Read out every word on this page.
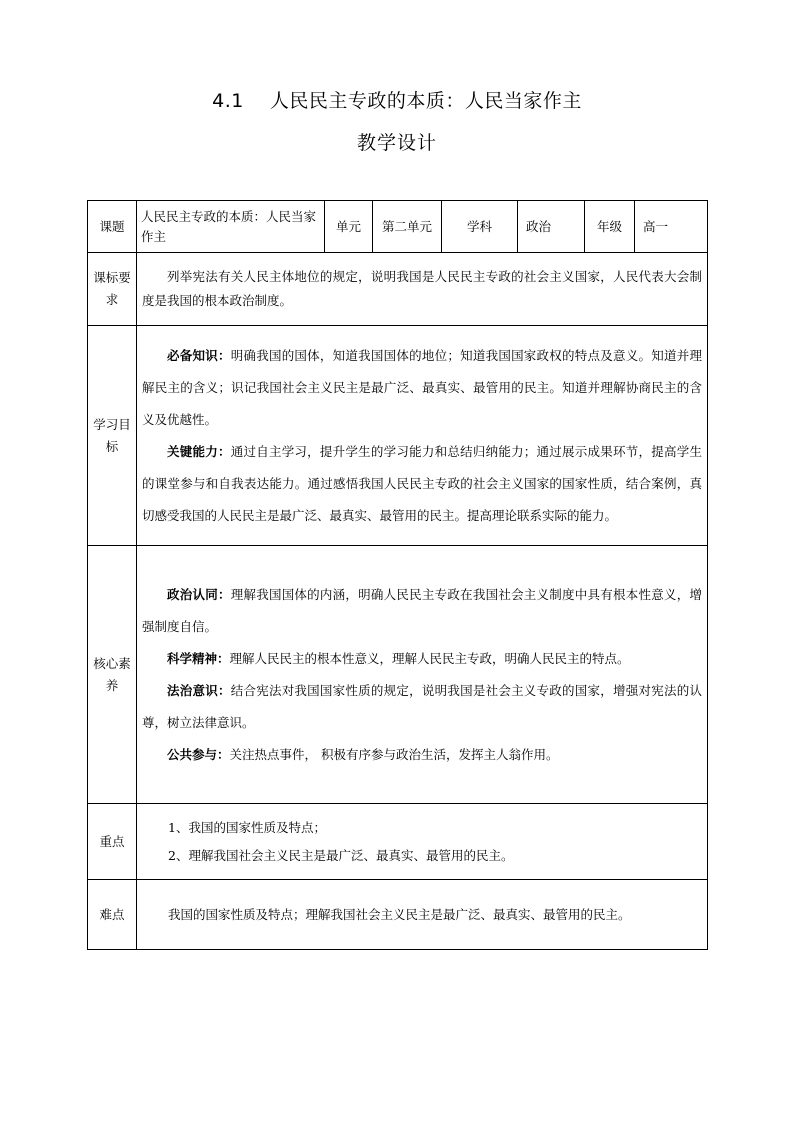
4.1 人民民主专政的本质：人民当家作主
教学设计
课题	人民民主专政的本质：人民当家作主	单元	第二单元	学科	政治	年级	高一
课标要求	列举宪法有关人民主体地位的规定，说明我国是人民民主专政的社会主义国家，人民代表大会制度是我国的根本政治制度。						

学习目标	必备知识：明确我国的国体，知道我国国体的地位；知道我国国家政权的特点及意义。知道并理解民主的含义；识记我国社会主义民主是最广泛、最真实、最管用的民主。知道并理解协商民主的含义及优越性。

关键能力：通过自主学习，提升学生的学习能力和总结归纳能力；通过展示成果环节，提高学生的课堂参与和自我表达能力。通过感悟我国人民民主专政的社会主义国家的国家性质，结合案例，真切感受我国的人民民主是最广泛、最真实、最管用的民主。提高理论联系实际的能力。						

核心素养	政治认同：理解我国国体的内涵，明确人民民主专政在我国社会主义制度中具有根本性意义，增强制度自信。

科学精神：理解人民民主的根本性意义，理解人民民主专政，明确人民民主的特点。

法治意识：结合宪法对我国国家性质的规定，说明我国是社会主义专政的国家，增强对宪法的认尊，树立法律意识。

公共参与：关注热点事件， 积极有序参与政治生活，发挥主人翁作用。						

重点	1、我国的国家性质及特点；

2、理解我国社会主义民主是最广泛、最真实、最管用的民主。						

难点	我国的国家性质及特点；理解我国社会主义民主是最广泛、最真实、最管用的民主。						
